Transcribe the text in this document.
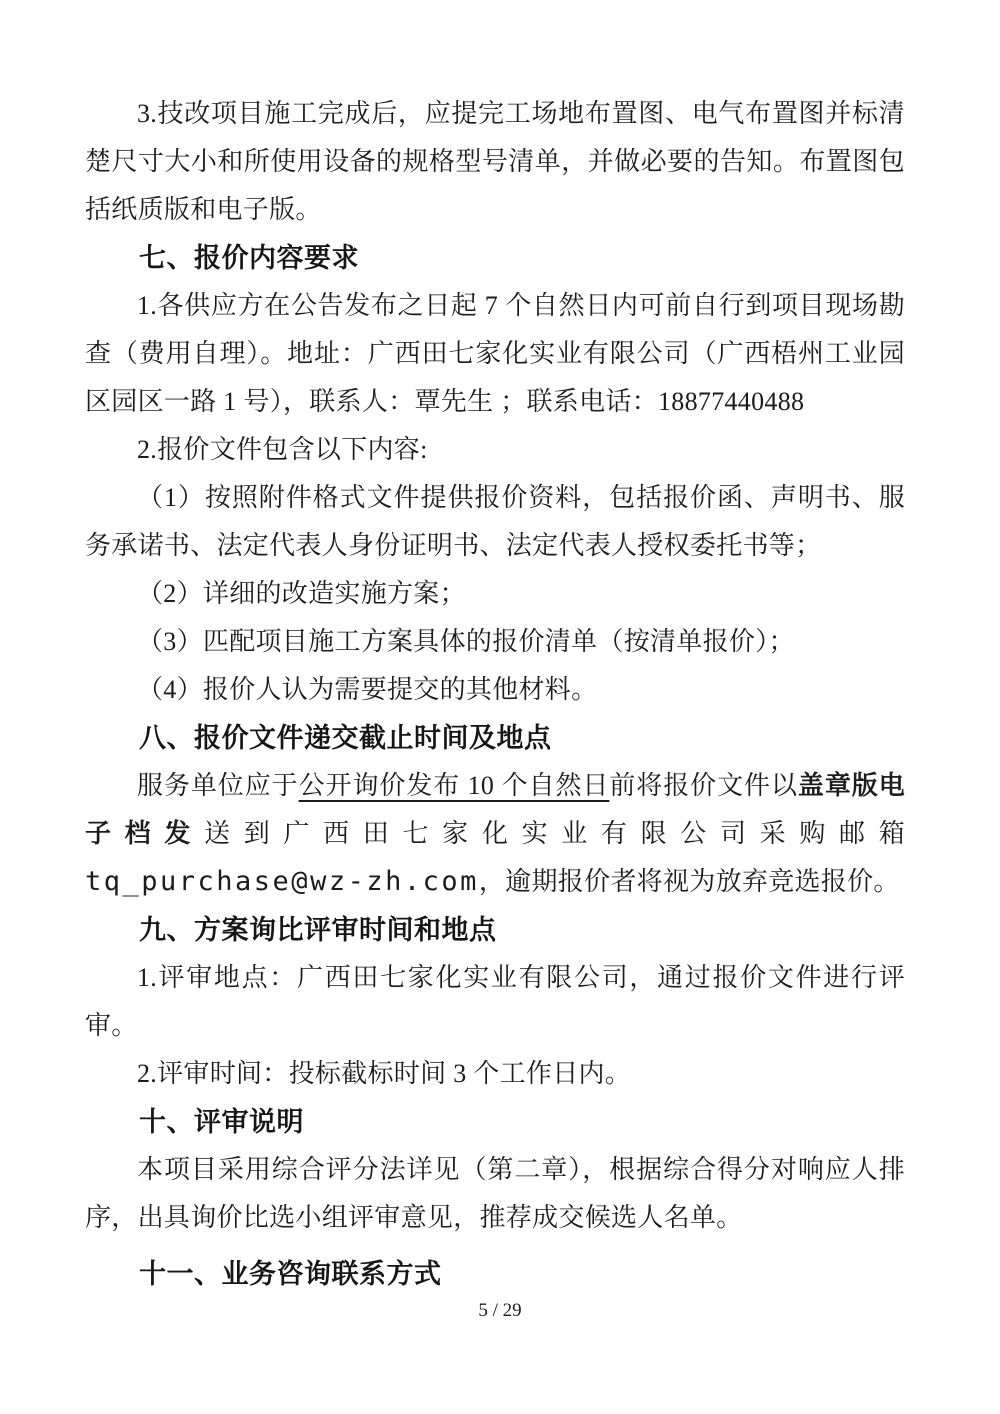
3.技改项目施工完成后，应提完工场地布置图、电气布置图并标清楚尺寸大小和所使用设备的规格型号清单，并做必要的告知。布置图包括纸质版和电子版。

七、报价内容要求

1.各供应方在公告发布之日起 7 个自然日内可前自行到项目现场勘查（费用自理）。地址：广西田七家化实业有限公司（广西梧州工业园区园区一路 1 号），联系人：覃先生 ；联系电话：18877440488

2.报价文件包含以下内容:

（1）按照附件格式文件提供报价资料，包括报价函、声明书、服务承诺书、法定代表人身份证明书、法定代表人授权委托书等；

（2）详细的改造实施方案；

（3）匹配项目施工方案具体的报价清单（按清单报价）；

（4）报价人认为需要提交的其他材料。

八、报价文件递交截止时间及地点

服务单位应于公开询价发布 10 个自然日前将报价文件以盖章版电子档发送到广西田七家化实业有限公司采购邮箱 tq_purchase@wz-zh.com，逾期报价者将视为放弃竞选报价。

九、方案询比评审时间和地点

1.评审地点：广西田七家化实业有限公司，通过报价文件进行评审。

2.评审时间：投标截标时间 3 个工作日内。

十、评审说明

本项目采用综合评分法详见（第二章），根据综合得分对响应人排序，出具询价比选小组评审意见，推荐成交候选人名单。

十一、业务咨询联系方式

5 / 29
